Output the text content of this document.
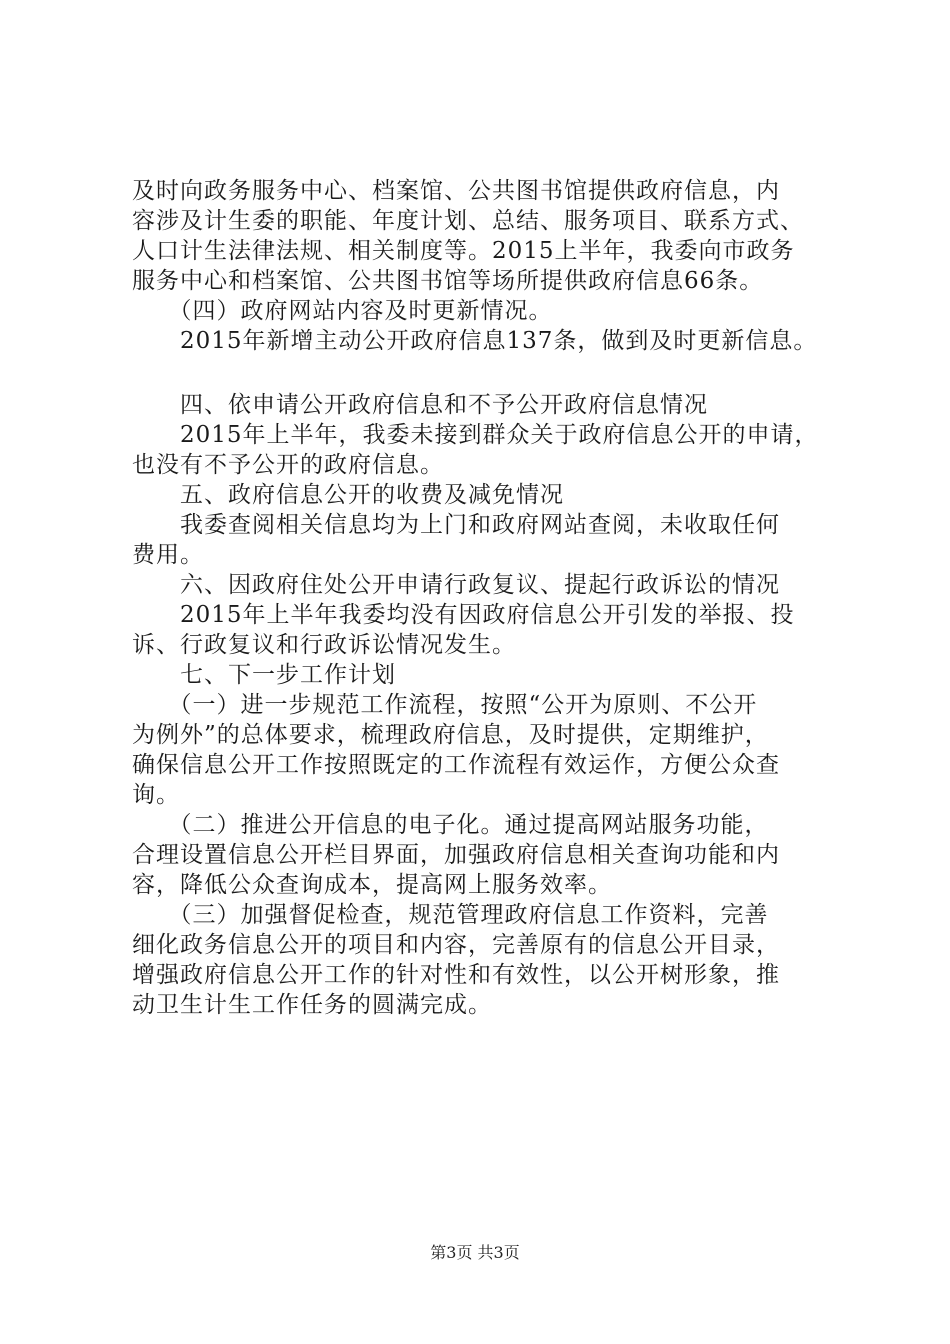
及时向政务服务中心、档案馆、公共图书馆提供政府信息，内
容涉及计生委的职能、年度计划、总结、服务项目、联系方式、
人口计生法律法规、相关制度等。2015上半年，我委向市政务
服务中心和档案馆、公共图书馆等场所提供政府信息66条。
　　（四）政府网站内容及时更新情况。
　　2015年新增主动公开政府信息137条，做到及时更新信息。
　　四、依申请公开政府信息和不予公开政府信息情况
　　2015年上半年，我委未接到群众关于政府信息公开的申请，
也没有不予公开的政府信息。
　　五、政府信息公开的收费及减免情况
　　我委查阅相关信息均为上门和政府网站查阅，未收取任何
费用。
　　六、因政府住处公开申请行政复议、提起行政诉讼的情况
　　2015年上半年我委均没有因政府信息公开引发的举报、投
诉、行政复议和行政诉讼情况发生。
　　七、下一步工作计划
　　（一）进一步规范工作流程，按照“公开为原则、不公开
为例外”的总体要求，梳理政府信息，及时提供，定期维护，
确保信息公开工作按照既定的工作流程有效运作，方便公众查
询。
　　（二）推进公开信息的电子化。通过提高网站服务功能，
合理设置信息公开栏目界面，加强政府信息相关查询功能和内
容，降低公众查询成本，提高网上服务效率。
　　（三）加强督促检查，规范管理政府信息工作资料，完善
细化政务信息公开的项目和内容，完善原有的信息公开目录，
增强政府信息公开工作的针对性和有效性，以公开树形象，推
动卫生计生工作任务的圆满完成。
第3页 共3页
